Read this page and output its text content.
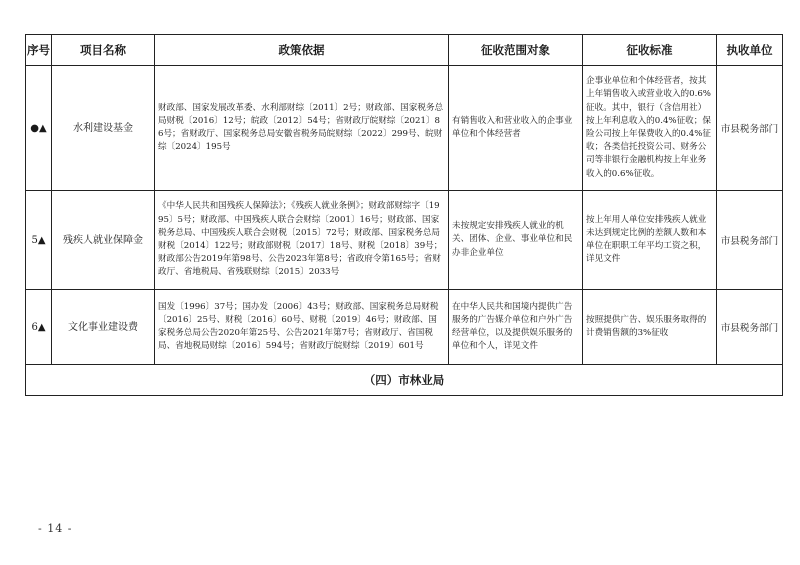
序号	项目名称	政策依据	征收范围对象	征收标准	执收单位
●▲	水利建设基金	财政部、国家发展改革委、水利部财综〔2011〕2号；财政部、国家税务总局财税〔2016〕12号；皖政〔2012〕54号；省财政厅皖财综〔2021〕86号；省财政厅、国家税务总局安徽省税务局皖财综〔2022〕299号、皖财综〔2024〕195号	有销售收入和营业收入的企事业单位和个体经营者	企事业单位和个体经营者，按其上年销售收入或营业收入的0.6%征收。其中，银行（含信用社）按上年利息收入的0.4%征收；保险公司按上年保费收入的0.4%征收；各类信托投资公司、财务公司等非银行金融机构按上年业务收入的0.6%征收。	市县税务部门
5▲	残疾人就业保障金	《中华人民共和国残疾人保障法》；《残疾人就业条例》；财政部财综字〔1995〕5号；财政部、中国残疾人联合会财综〔2001〕16号；财政部、国家税务总局、中国残疾人联合会财税〔2015〕72号；财政部、国家税务总局财税〔2014〕122号；财政部财税〔2017〕18号、财税〔2018〕39号；财政部公告2019年第98号、公告2023年第8号；省政府令第165号；省财政厅、省地税局、省残联财综〔2015〕2033号	未按规定安排残疾人就业的机关、团体、企业、事业单位和民办非企业单位	按上年用人单位安排残疾人就业未达到规定比例的差额人数和本单位在职职工年平均工资之积，详见文件	市县税务部门
6▲	文化事业建设费	国发〔1996〕37号；国办发〔2006〕43号；财政部、国家税务总局财税〔2016〕25号、财税〔2016〕60号、财税〔2019〕46号；财政部、国家税务总局公告2020年第25号、公告2021年第7号；省财政厅、省国税局、省地税局财综〔2016〕594号；省财政厅皖财综〔2019〕601号	在中华人民共和国境内提供广告服务的广告媒介单位和户外广告经营单位，以及提供娱乐服务的单位和个人，详见文件	按照提供广告、娱乐服务取得的计费销售额的3%征收	市县税务部门
（四）市林业局					
- 14 -
